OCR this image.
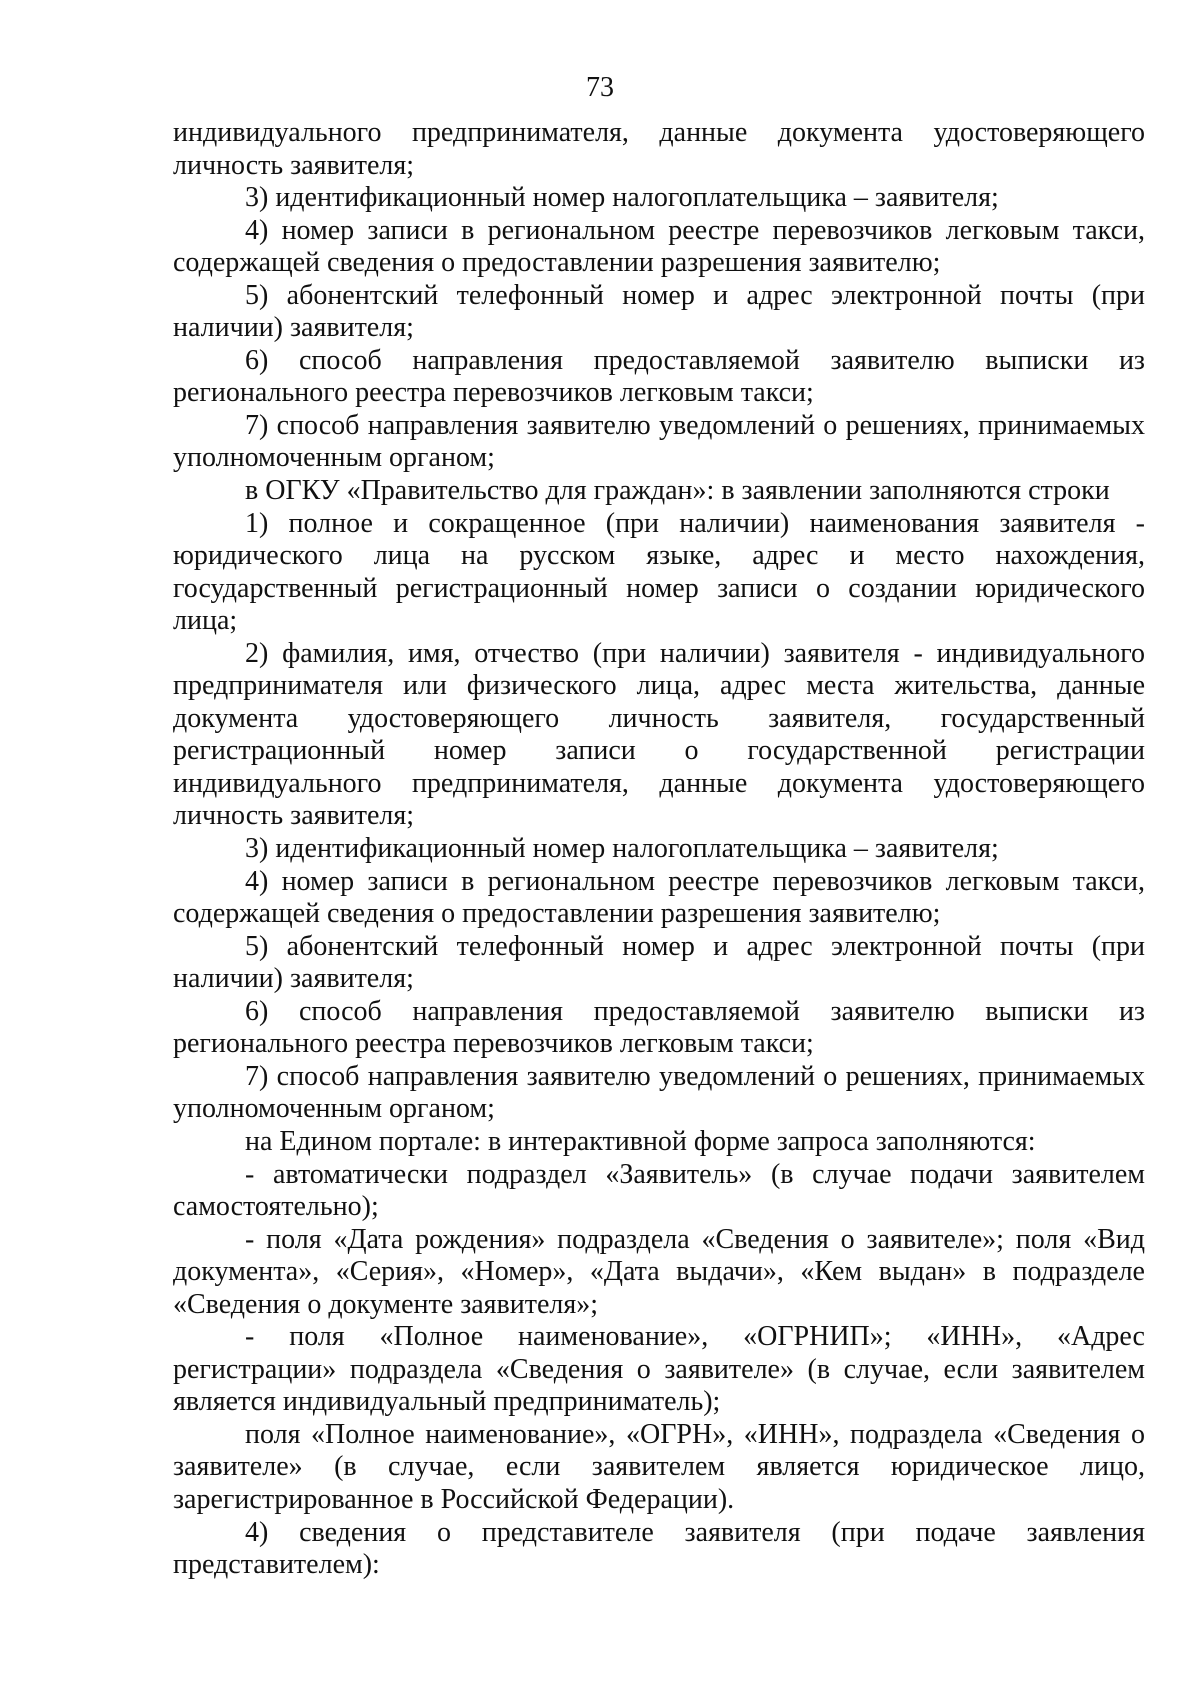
73

индивидуального предпринимателя, данные документа удостоверяющего личность заявителя;

3) идентификационный номер налогоплательщика – заявителя;

4) номер записи в региональном реестре перевозчиков легковым такси, содержащей сведения о предоставлении разрешения заявителю;

5) абонентский телефонный номер и адрес электронной почты (при наличии) заявителя;

6) способ направления предоставляемой заявителю выписки из регионального реестра перевозчиков легковым такси;

7) способ направления заявителю уведомлений о решениях, принимаемых уполномоченным органом;

в ОГКУ «Правительство для граждан»: в заявлении заполняются строки

1) полное и сокращенное (при наличии) наименования заявителя - юридического лица на русском языке, адрес и место нахождения, государственный регистрационный номер записи о создании юридического лица;

2) фамилия, имя, отчество (при наличии) заявителя - индивидуального предпринимателя или физического лица, адрес места жительства, данные документа удостоверяющего личность заявителя, государственный регистрационный номер записи о государственной регистрации индивидуального предпринимателя, данные документа удостоверяющего личность заявителя;

3) идентификационный номер налогоплательщика – заявителя;

4) номер записи в региональном реестре перевозчиков легковым такси, содержащей сведения о предоставлении разрешения заявителю;

5) абонентский телефонный номер и адрес электронной почты (при наличии) заявителя;

6) способ направления предоставляемой заявителю выписки из регионального реестра перевозчиков легковым такси;

7) способ направления заявителю уведомлений о решениях, принимаемых уполномоченным органом;

на Едином портале: в интерактивной форме запроса заполняются:

- автоматически подраздел «Заявитель» (в случае подачи заявителем самостоятельно);

- поля «Дата рождения» подраздела «Сведения о заявителе»; поля «Вид документа», «Серия», «Номер», «Дата выдачи», «Кем выдан» в подразделе «Сведения о документе заявителя»;

- поля «Полное наименование», «ОГРНИП»; «ИНН», «Адрес регистрации» подраздела «Сведения о заявителе» (в случае, если заявителем является индивидуальный предприниматель);

поля «Полное наименование», «ОГРН», «ИНН», подраздела «Сведения о заявителе» (в случае, если заявителем является юридическое лицо, зарегистрированное в Российской Федерации).

4) сведения о представителе заявителя (при подаче заявления представителем):
